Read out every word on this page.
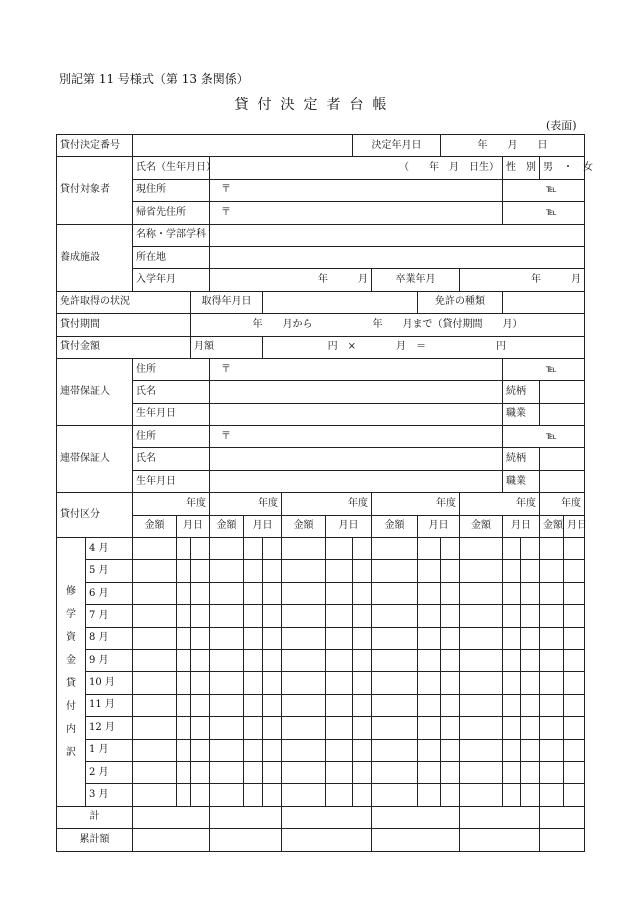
別記第 11 号様式（第 13 条関係）
貸付決定者台帳
(表面)
貸付決定番号										決定年月日			年　　月　　日					
貸付対象者		氏名（生年月日）			（　　年　月　日生）										性　別		男　・　女	
		現住所			〒										℡			
		帰省先住所			〒										℡			
養成施設		名称・学部学科																
		所在地																
		入学年月			年　　　月						卒業年月			年　　　月				
免許取得の状況				取得年月日								免許の種類						
貸付期間				年　　月から　　　　　　年　　月まで（貸付期間　　月）														
貸付金額				月額			円　×　　　　月　＝　　　　　　　円											
連帯保証人		住所			〒										℡			
		氏名													続柄			
		生年月日													職業			
連帯保証人		住所			〒										℡			
		氏名													続柄			
		生年月日													職業			
貸付区分		年度			年度			年度			年度			年度			年度	
		金額	月日		金額	月日		金額	月日		金額	月日		金額	月日		金額	月日

修学資金貸付内訳	4 月																	
	5 月																	
	6 月																	
	7 月																	
	8 月																	
	9 月																	
	10 月																	
	11 月																	
	12 月																	
	1 月																	
	2 月																	
	3 月																	
計																		
累計額																		
